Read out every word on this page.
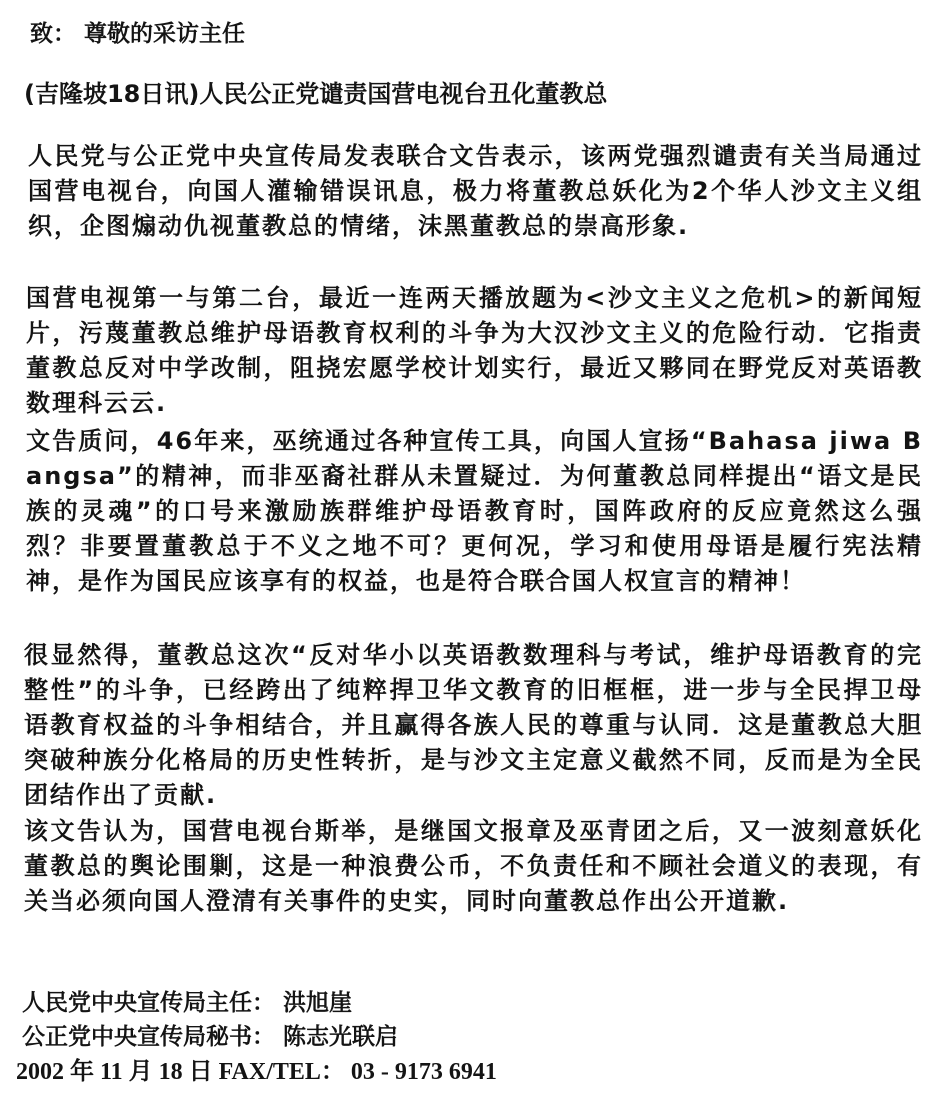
致： 尊敬的采访主任

(吉隆坡18日讯)人民公正党谴责国营电视台丑化董教总

人民党与公正党中央宣传局发表联合文告表示，该两党强烈谴责有关当局通过国营电视台，向国人灌输错误讯息，极力将董教总妖化为2个华人沙文主义组织，企图煽动仇视董教总的情绪，沫黑董教总的崇高形象.

国营电视第一与第二台，最近一连两天播放题为<沙文主义之危机>的新闻短片，污蔑董教总维护母语教育权利的斗争为大汉沙文主义的危险行动．它指责董教总反对中学改制，阻挠宏愿学校计划实行，最近又夥同在野党反对英语教数理科云云.

文告质问，46年来，巫统通过各种宣传工具，向国人宣扬“Bahasa jiwa Bangsa”的精神，而非巫裔社群从未置疑过．为何董教总同样提出“语文是民族的灵魂”的口号来激励族群维护母语教育时，国阵政府的反应竟然这么强烈？非要置董教总于不义之地不可？更何况，学习和使用母语是履行宪法精神，是作为国民应该享有的权益，也是符合联合国人权宣言的精神！

很显然得，董教总这次“反对华小以英语教数理科与考试，维护母语教育的完整性”的斗争，已经跨出了纯粹捍卫华文教育的旧框框，进一步与全民捍卫母语教育权益的斗争相结合，并且赢得各族人民的尊重与认同．这是董教总大胆突破种族分化格局的历史性转折，是与沙文主定意义截然不同，反而是为全民团结作出了贡献.

该文告认为，国营电视台斯举，是继国文报章及巫青团之后，又一波刻意妖化董教总的舆论围剿，这是一种浪费公币，不负责任和不顾社会道义的表现，有关当必须向国人澄清有关事件的史实，同时向董教总作出公开道歉.

人民党中央宣传局主任： 洪旭崖

公正党中央宣传局秘书： 陈志光联启

2002 年 11 月 18 日 FAX/TEL： 03 - 9173 6941
